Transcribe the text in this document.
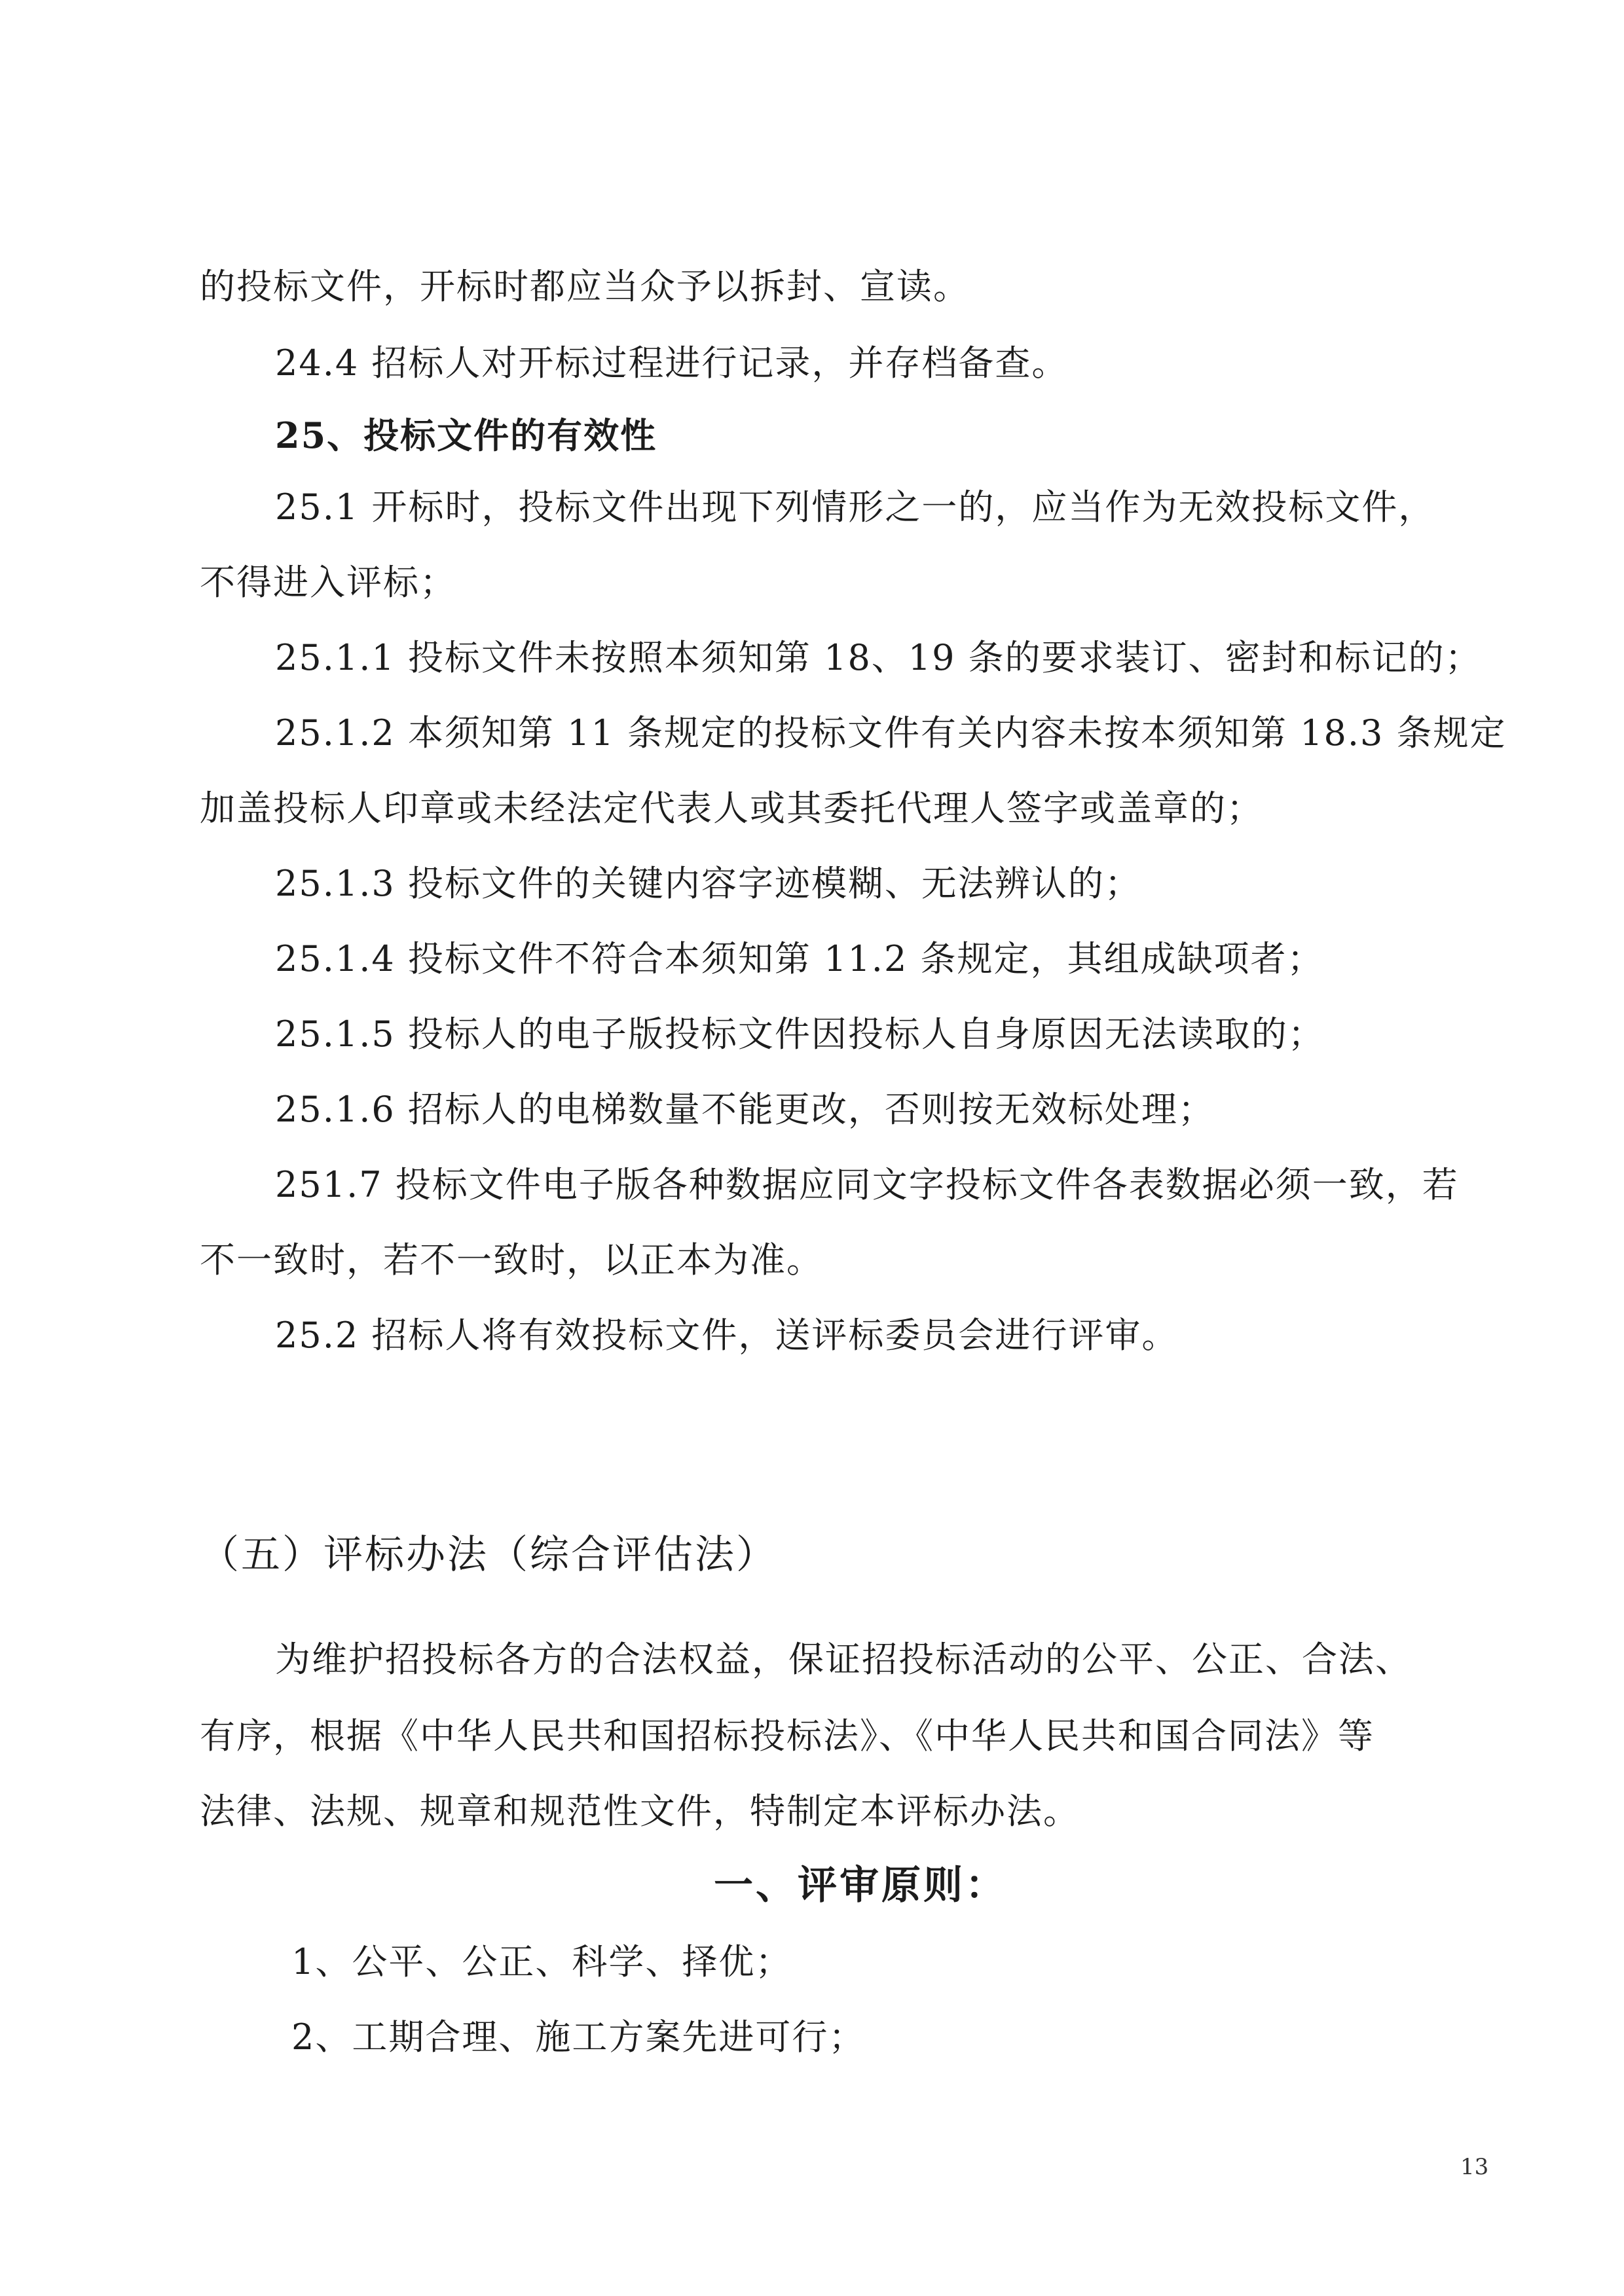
的投标文件，开标时都应当众予以拆封、宣读。
24.4 招标人对开标过程进行记录，并存档备查。
25、投标文件的有效性
25.1 开标时，投标文件出现下列情形之一的，应当作为无效投标文件，
不得进入评标；
25.1.1 投标文件未按照本须知第 18、19 条的要求装订、密封和标记的；
25.1.2 本须知第 11 条规定的投标文件有关内容未按本须知第 18.3 条规定
加盖投标人印章或未经法定代表人或其委托代理人签字或盖章的；
25.1.3 投标文件的关键内容字迹模糊、无法辨认的；
25.1.4 投标文件不符合本须知第 11.2 条规定，其组成缺项者；
25.1.5 投标人的电子版投标文件因投标人自身原因无法读取的；
25.1.6 招标人的电梯数量不能更改，否则按无效标处理；
251.7 投标文件电子版各种数据应同文字投标文件各表数据必须一致，若
不一致时，若不一致时，以正本为准。
25.2 招标人将有效投标文件，送评标委员会进行评审。
（五）评标办法（综合评估法）
为维护招投标各方的合法权益，保证招投标活动的公平、公正、合法、
有序，根据《中华人民共和国招标投标法》、《中华人民共和国合同法》等
法律、法规、规章和规范性文件，特制定本评标办法。
一、评审原则：
1、公平、公正、科学、择优；
2、工期合理、施工方案先进可行；
13
